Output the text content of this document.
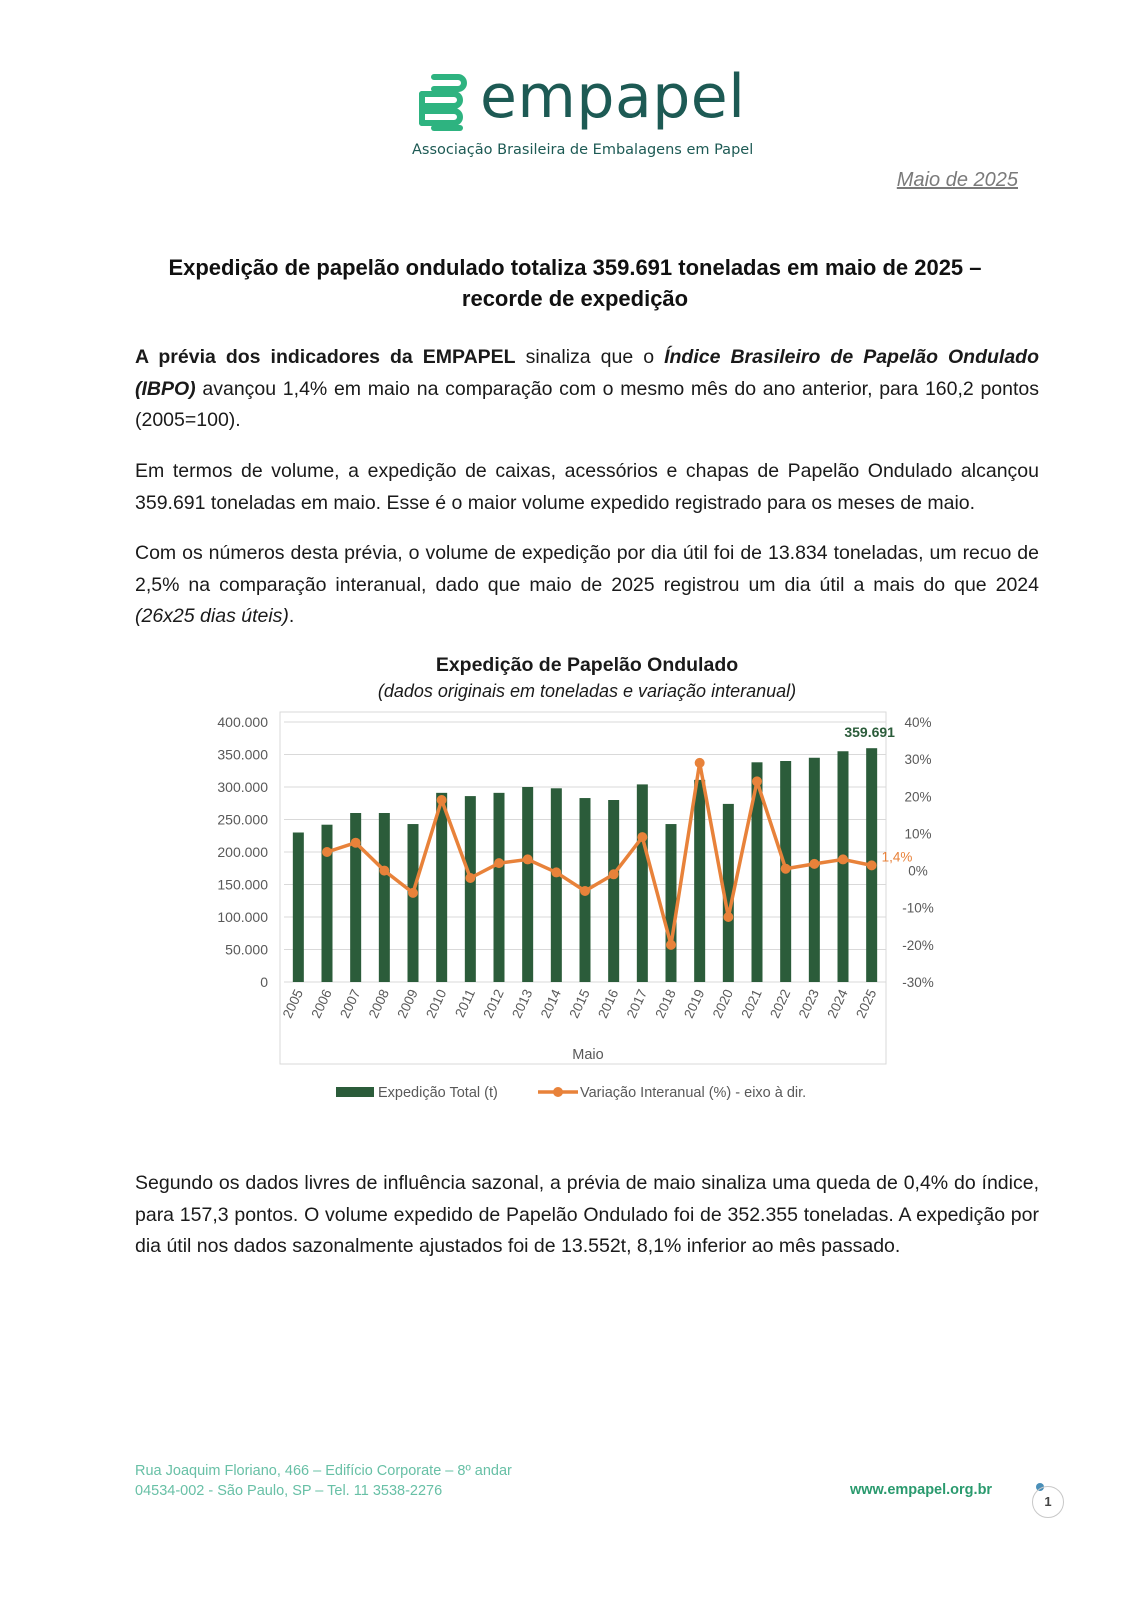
empapel
Associação Brasileira de Embalagens em Papel
Maio de 2025
Expedição de papelão ondulado totaliza 359.691 toneladas em maio de 2025 –
recorde de expedição
A prévia dos indicadores da EMPAPEL sinaliza que o Índice Brasileiro de Papelão Ondulado (IBPO) avançou 1,4% em maio na comparação com o mesmo mês do ano anterior, para 160,2 pontos (2005=100).
Em termos de volume, a expedição de caixas, acessórios e chapas de Papelão Ondulado alcançou 359.691 toneladas em maio. Esse é o maior volume expedido registrado para os meses de maio.
Com os números desta prévia, o volume de expedição por dia útil foi de 13.834 toneladas, um recuo de 2,5% na comparação interanual, dado que maio de 2025 registrou um dia útil a mais do que 2024 (26x25 dias úteis).
Expedição de Papelão Ondulado
(dados originais em toneladas e variação interanual)
0
50.000
100.000
150.000
200.000
250.000
300.000
350.000
400.000
-30%
-20%
-10%
0%
10%
20%
30%
40%
2005 2006 2007 2008 2009 2010 2011 2012 2013 2014 2015 2016 2017 2018 2019 2020 2021 2022 2023 2024 2025
359.691
1,4%
Maio
Expedição Total (t)	Variação Interanual (%) - eixo à dir.
Segundo os dados livres de influência sazonal, a prévia de maio sinaliza uma queda de 0,4% do índice, para 157,3 pontos. O volume expedido de Papelão Ondulado foi de 352.355 toneladas. A expedição por dia útil nos dados sazonalmente ajustados foi de 13.552t, 8,1% inferior ao mês passado.
Rua Joaquim Floriano, 466 – Edifício Corporate – 8º andar
04534-002 - São Paulo, SP – Tel. 11 3538-2276	www.empapel.org.br
1
